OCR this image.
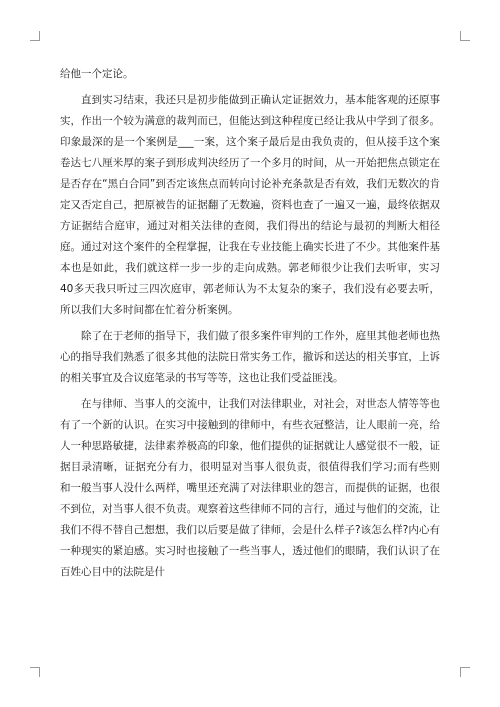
给他一个定论。

直到实习结束，我还只是初步能做到正确认定证据效力，基本能客观的还原事实，作出一个较为满意的裁判而已，但能达到这种程度已经让我从中学到了很多。印象最深的是一个案例是___一案，这个案子最后是由我负责的，但从接手这个案卷达七八厘米厚的案子到形成判决经历了一个多月的时间，从一开始把焦点锁定在是否存在“黑白合同”到否定该焦点而转向讨论补充条款是否有效，我们无数次的肯定又否定自己，把原被告的证据翻了无数遍，资料也查了一遍又一遍，最终依据双方证据结合庭审，通过对相关法律的查阅，我们得出的结论与最初的判断大相径庭。通过对这个案件的全程掌握，让我在专业技能上确实长进了不少。其他案件基本也是如此，我们就这样一步一步的走向成熟。郭老师很少让我们去听审，实习40多天我只听过三四次庭审，郭老师认为不太复杂的案子，我们没有必要去听，所以我们大多时间都在忙着分析案例。

除了在于老师的指导下，我们做了很多案件审判的工作外，庭里其他老师也热心的指导我们熟悉了很多其他的法院日常实务工作，撤诉和送达的相关事宜，上诉的相关事宜及合议庭笔录的书写等等，这也让我们受益匪浅。

在与律师、当事人的交流中，让我们对法律职业，对社会，对世态人情等等也有了一个新的认识。在实习中接触到的律师中，有些衣冠整洁，让人眼前一亮，给人一种思路敏捷，法律素养极高的印象，他们提供的证据就让人感觉很不一般，证据目录清晰，证据充分有力，很明显对当事人很负责，很值得我们学习;而有些则和一般当事人没什么两样，嘴里还充满了对法律职业的怨言，而提供的证据，也很不到位，对当事人很不负责。观察着这些律师不同的言行，通过与他们的交流，让我们不得不替自己想想，我们以后要是做了律师，会是什么样子?该怎么样?内心有一种现实的紧迫感。实习时也接触了一些当事人，透过他们的眼睛，我们认识了在百姓心目中的法院是什
